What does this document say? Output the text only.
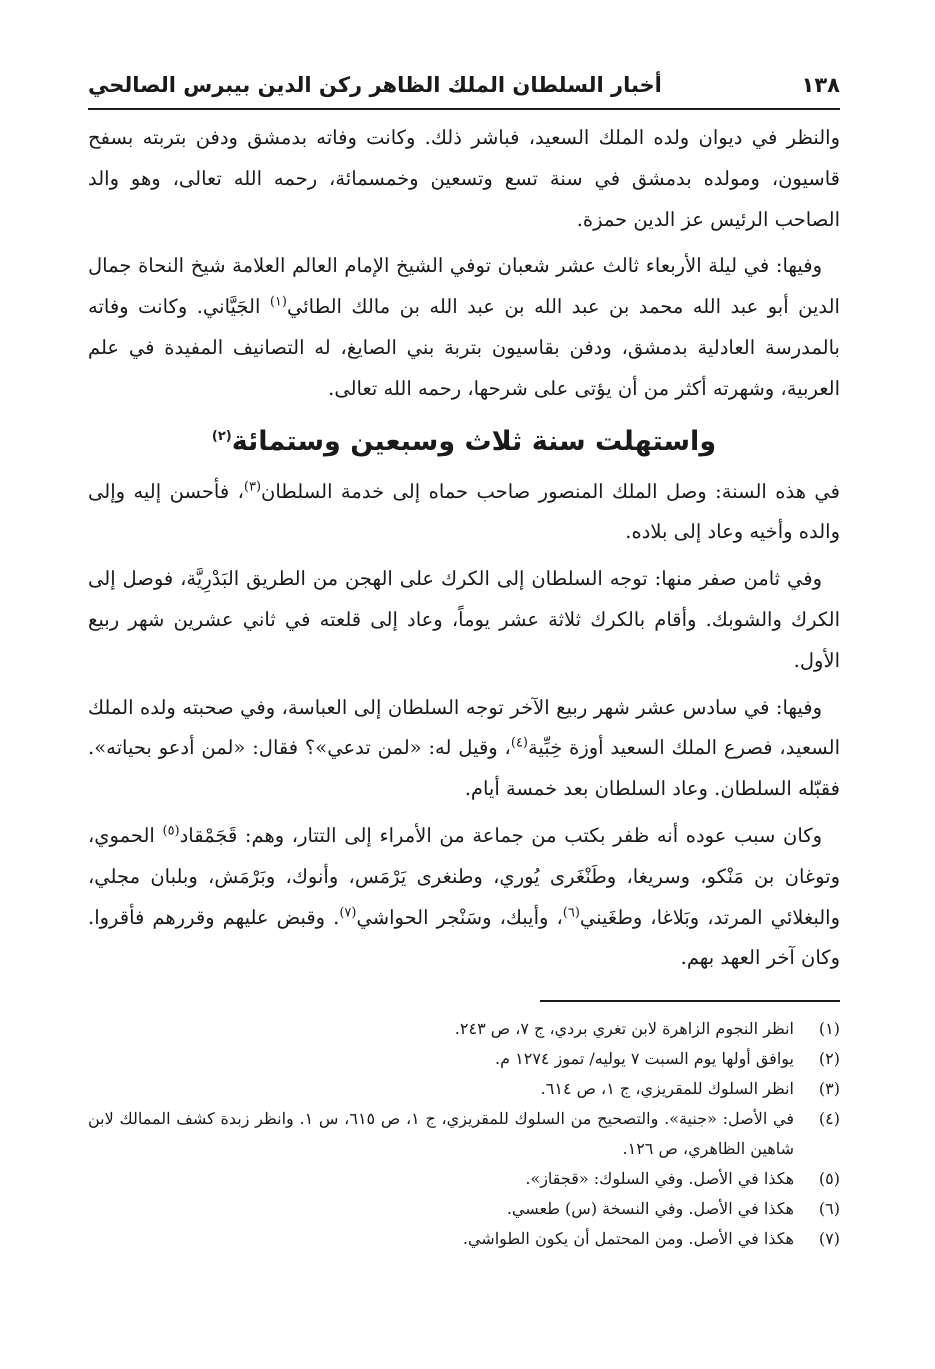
١٣٨
أخبار السلطان الملك الظاهر ركن الدين بيبرس الصالحي

والنظر في ديوان ولده الملك السعيد، فباشر ذلك. وكانت وفاته بدمشق ودفن بتربته بسفح قاسيون، ومولده بدمشق في سنة تسع وتسعين وخمسمائة، رحمه الله تعالى، وهو والد الصاحب الرئيس عز الدين حمزة.

وفيها: في ليلة الأربعاء ثالث عشر شعبان توفي الشيخ الإمام العالم العلامة شيخ النحاة جمال الدين أبو عبد الله محمد بن عبد الله بن عبد الله بن مالك الطائي$^{(١)}$ الجَيَّاني. وكانت وفاته بالمدرسة العادلية بدمشق، ودفن بقاسيون بتربة بني الصايغ، له التصانيف المفيدة في علم العربية، وشهرته أكثر من أن يؤتى على شرحها، رحمه الله تعالى.

واستهلت سنة ثلاث وسبعين وستمائة$^{(٢)}$

في هذه السنة: وصل الملك المنصور صاحب حماه إلى خدمة السلطان$^{(٣)}$، فأحسن إليه وإلى والده وأخيه وعاد إلى بلاده.

وفي ثامن صفر منها: توجه السلطان إلى الكرك على الهجن من الطريق البَدْرِيَّة، فوصل إلى الكرك والشوبك. وأقام بالكرك ثلاثة عشر يوماً، وعاد إلى قلعته في ثاني عشرين شهر ربيع الأول.

وفيها: في سادس عشر شهر ربيع الآخر توجه السلطان إلى العباسة، وفي صحبته ولده الملك السعيد، فصرع الملك السعيد أوزة خِبِّية$^{(٤)}$، وقيل له: «لمن تدعي»؟ فقال: «لمن أدعو بحياته». فقبّله السلطان. وعاد السلطان بعد خمسة أيام.

وكان سبب عوده أنه ظفر بكتب من جماعة من الأمراء إلى التتار، وهم: قَجَمْقاد$^{(٥)}$ الحموي، وتوغان بن مَنْكو، وسريغا، وطَنْغَرى يُوري، وطنغرى يَرْمَس، وأنوك، وبَرْمَش، وبلبان مجلي، والبغلائي المرتد، وبَلاغا، وطغَيني$^{(٦)}$، وأيبك، وسَنْجر الحواشي$^{(٧)}$. وقبض عليهم وقررهم فأقروا. وكان آخر العهد بهم.

(١)
انظر النجوم الزاهرة لابن تغري بردي، ج ٧، ص ٢٤٣.
(٢)
يوافق أولها يوم السبت ٧ يوليه/ تموز ١٢٧٤ م.
(٣)
انظر السلوك للمقريزي، ج ١، ص ٦١٤.
(٤)
في الأصل: «جنية». والتصحيح من السلوك للمقريزي، ج ١، ص ٦١٥، س ١. وانظر زبدة كشف الممالك لابن شاهين الظاهري، ص ١٢٦.
(٥)
هكذا في الأصل. وفي السلوك: «قجقاز».
(٦)
هكذا في الأصل. وفي النسخة (س) طعسي.
(٧)
هكذا في الأصل. ومن المحتمل أن يكون الطواشي.
